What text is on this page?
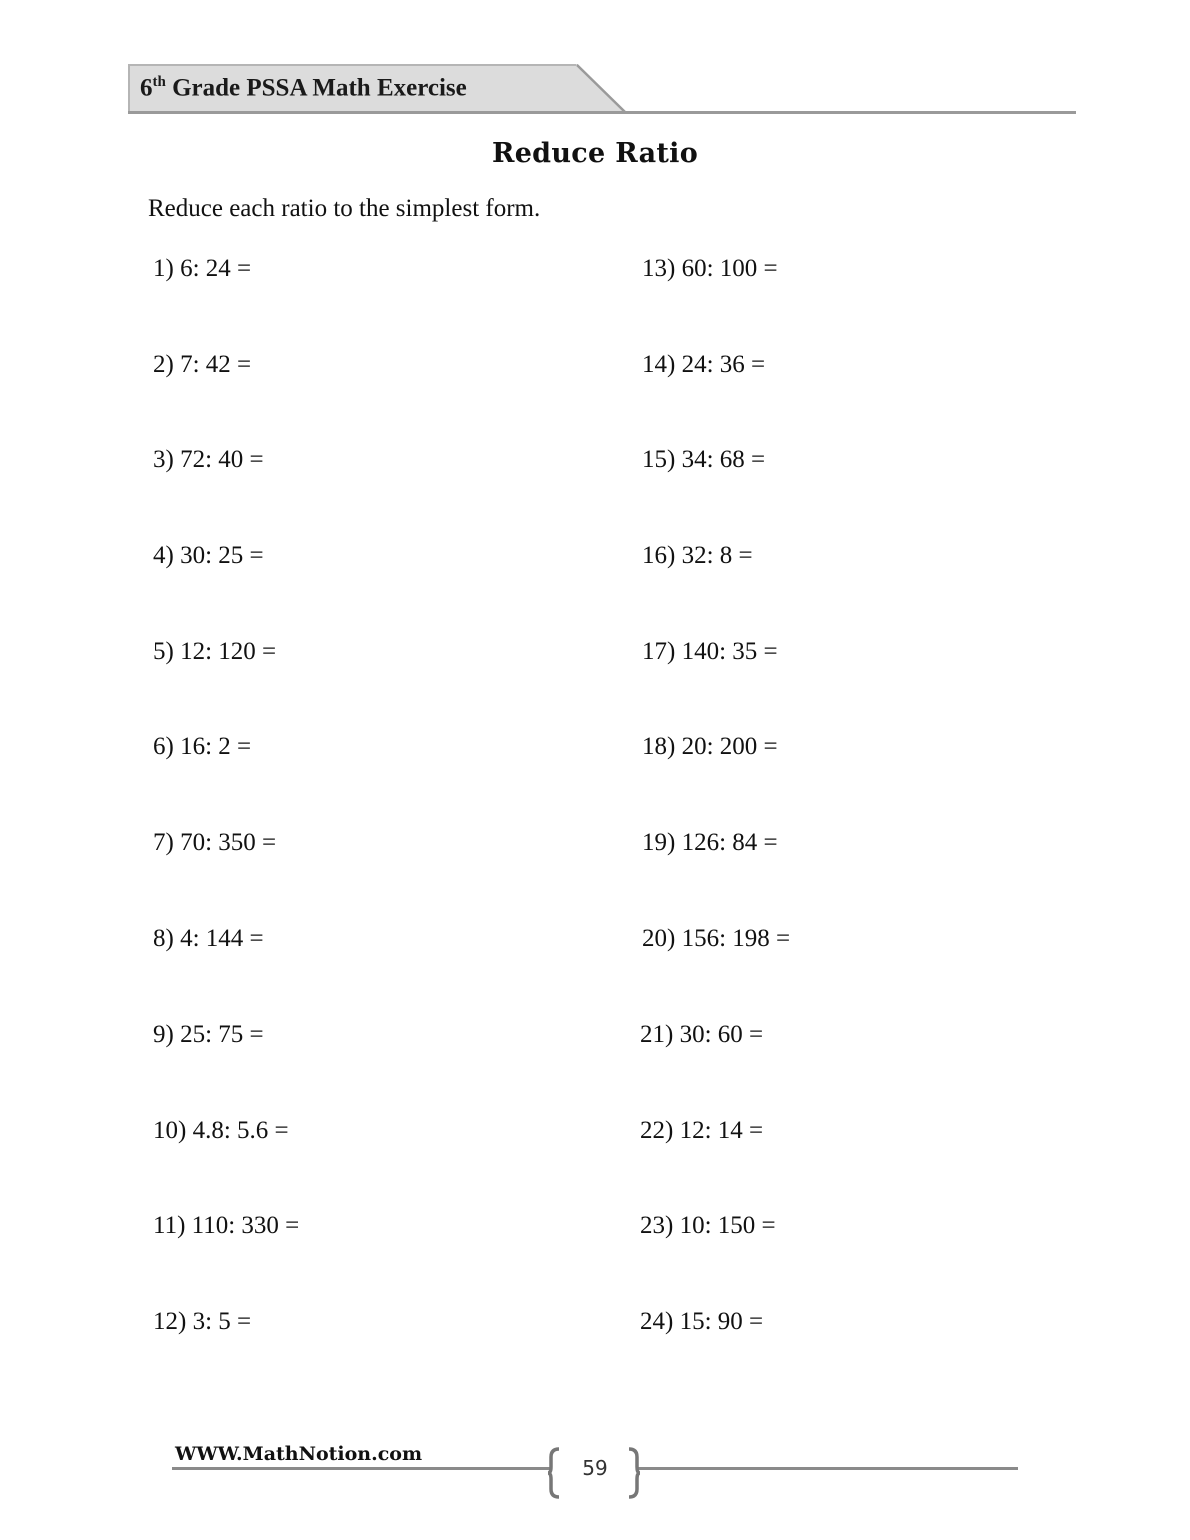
6th Grade PSSA Math Exercise
Reduce Ratio
Reduce each ratio to the simplest form.
1) 6: 24 =
2) 7: 42 =
3) 72: 40 =
4) 30: 25 =
5) 12: 120 =
6) 16: 2 =
7) 70: 350 =
8) 4: 144 =
9) 25: 75 =
10) 4.8: 5.6 =
11) 110: 330 =
12) 3: 5 =
13) 60: 100 =
14) 24: 36 =
15) 34: 68 =
16) 32: 8 =
17) 140: 35 =
18) 20: 200 =
19) 126: 84 =
20) 156: 198 =
21) 30: 60 =
22) 12: 14 =
23) 10: 150 =
24) 15: 90 =
WWW.MathNotion.com
59
